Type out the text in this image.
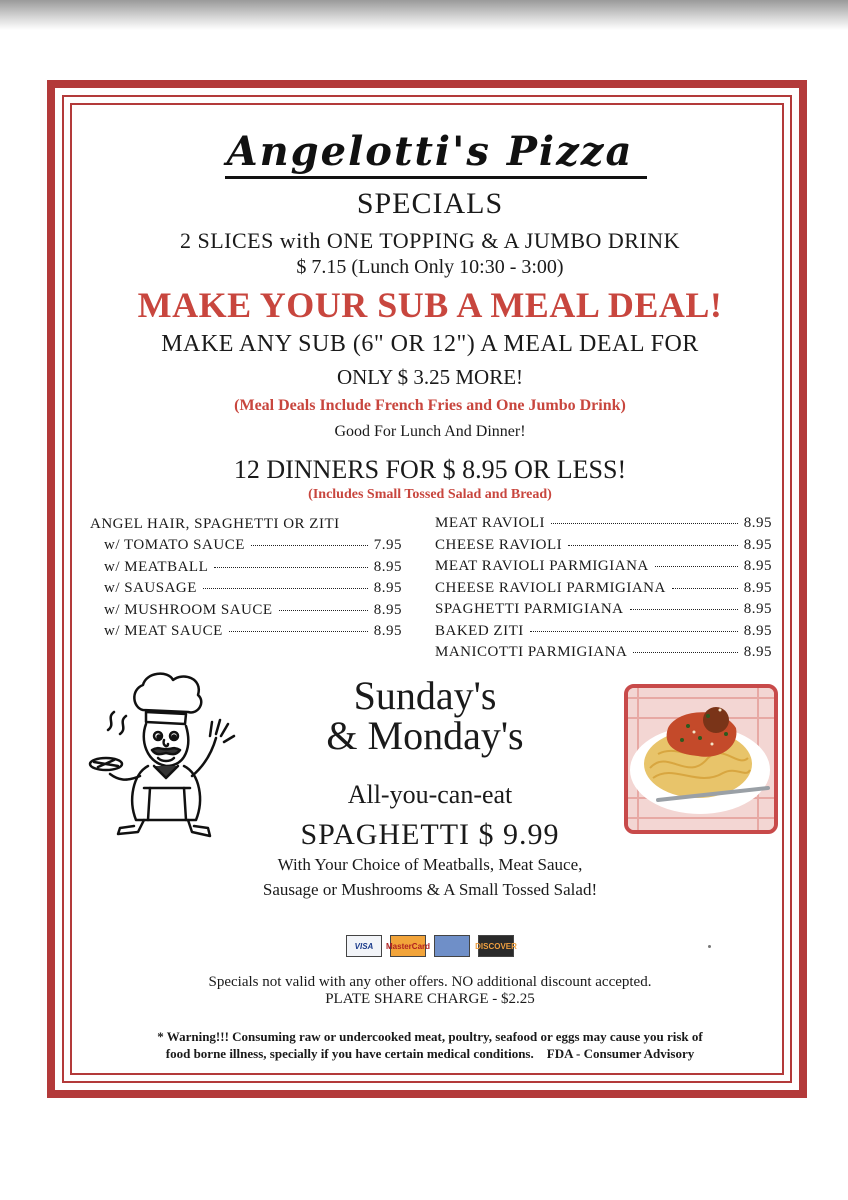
Angelotti's Pizza
SPECIALS
2 SLICES with ONE TOPPING & A JUMBO DRINK
$ 7.15 (Lunch Only 10:30 - 3:00)
MAKE YOUR SUB A MEAL DEAL!
MAKE ANY SUB (6" OR 12") A MEAL DEAL FOR
ONLY $ 3.25 MORE!
(Meal Deals Include French Fries and One Jumbo Drink)
Good For Lunch And Dinner!
12 DINNERS FOR $ 8.95 OR LESS!
(Includes Small Tossed Salad and Bread)
ANGEL HAIR, SPAGHETTI OR ZITI
w/ TOMATO SAUCE	7.95
w/ MEATBALL	8.95
w/ SAUSAGE	8.95
w/ MUSHROOM SAUCE	8.95
w/ MEAT SAUCE	8.95
MEAT RAVIOLI	8.95
CHEESE RAVIOLI	8.95
MEAT RAVIOLI PARMIGIANA	8.95
CHEESE RAVIOLI PARMIGIANA	8.95
SPAGHETTI PARMIGIANA	8.95
BAKED ZITI	8.95
MANICOTTI PARMIGIANA	8.95
Sunday's
& Monday's
All-you-can-eat
SPAGHETTI $ 9.99
With Your Choice of Meatballs, Meat Sauce,
Sausage or Mushrooms & A Small Tossed Salad!
VISA	MasterCard	DISCOVER
Specials not valid with any other offers. NO additional discount accepted.
PLATE SHARE CHARGE - $2.25
* Warning!!! Consuming raw or undercooked meat, poultry, seafood or eggs may cause you risk of
food borne illness, specially if you have certain medical conditions. FDA - Consumer Advisory
